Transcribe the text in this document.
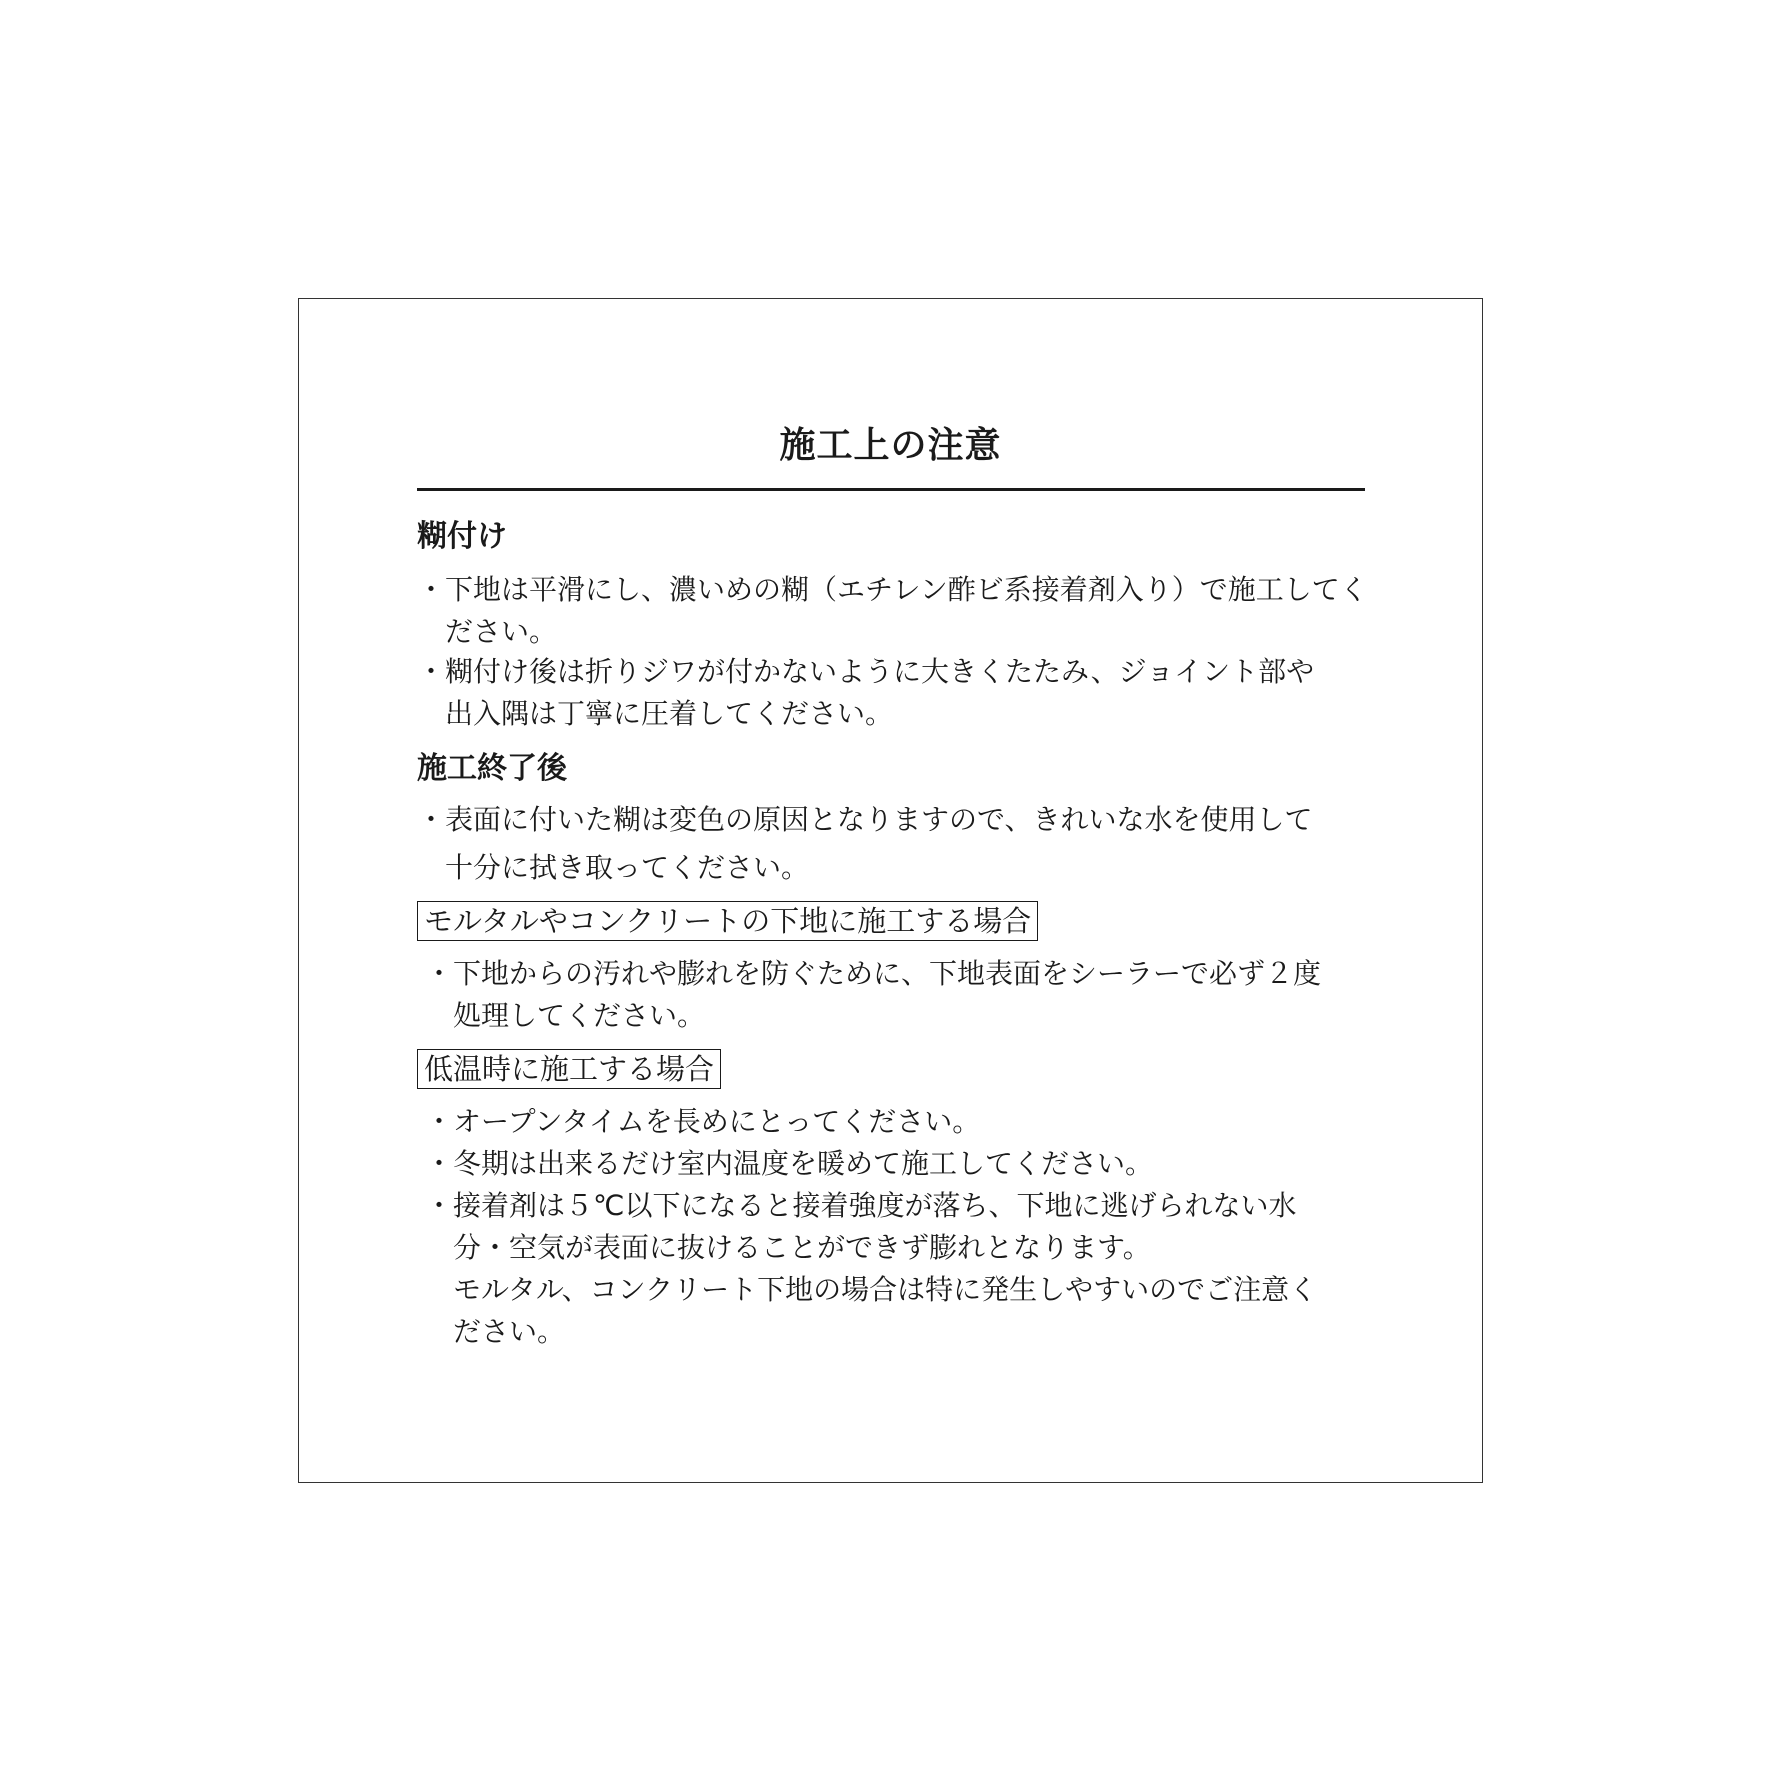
施工上の注意
糊付け
・下地は平滑にし、濃いめの糊（エチレン酢ビ系接着剤入り）で施工してく
ださい。
・糊付け後は折りジワが付かないように大きくたたみ、ジョイント部や
出入隅は丁寧に圧着してください。
施工終了後
・表面に付いた糊は変色の原因となりますので、きれいな水を使用して
十分に拭き取ってください。
モルタルやコンクリートの下地に施工する場合
・下地からの汚れや膨れを防ぐために、下地表面をシーラーで必ず２度
処理してください。
低温時に施工する場合
・オープンタイムを長めにとってください。
・冬期は出来るだけ室内温度を暖めて施工してください。
・接着剤は５℃以下になると接着強度が落ち、下地に逃げられない水
分・空気が表面に抜けることができず膨れとなります。
モルタル、コンクリート下地の場合は特に発生しやすいのでご注意く
ださい。
